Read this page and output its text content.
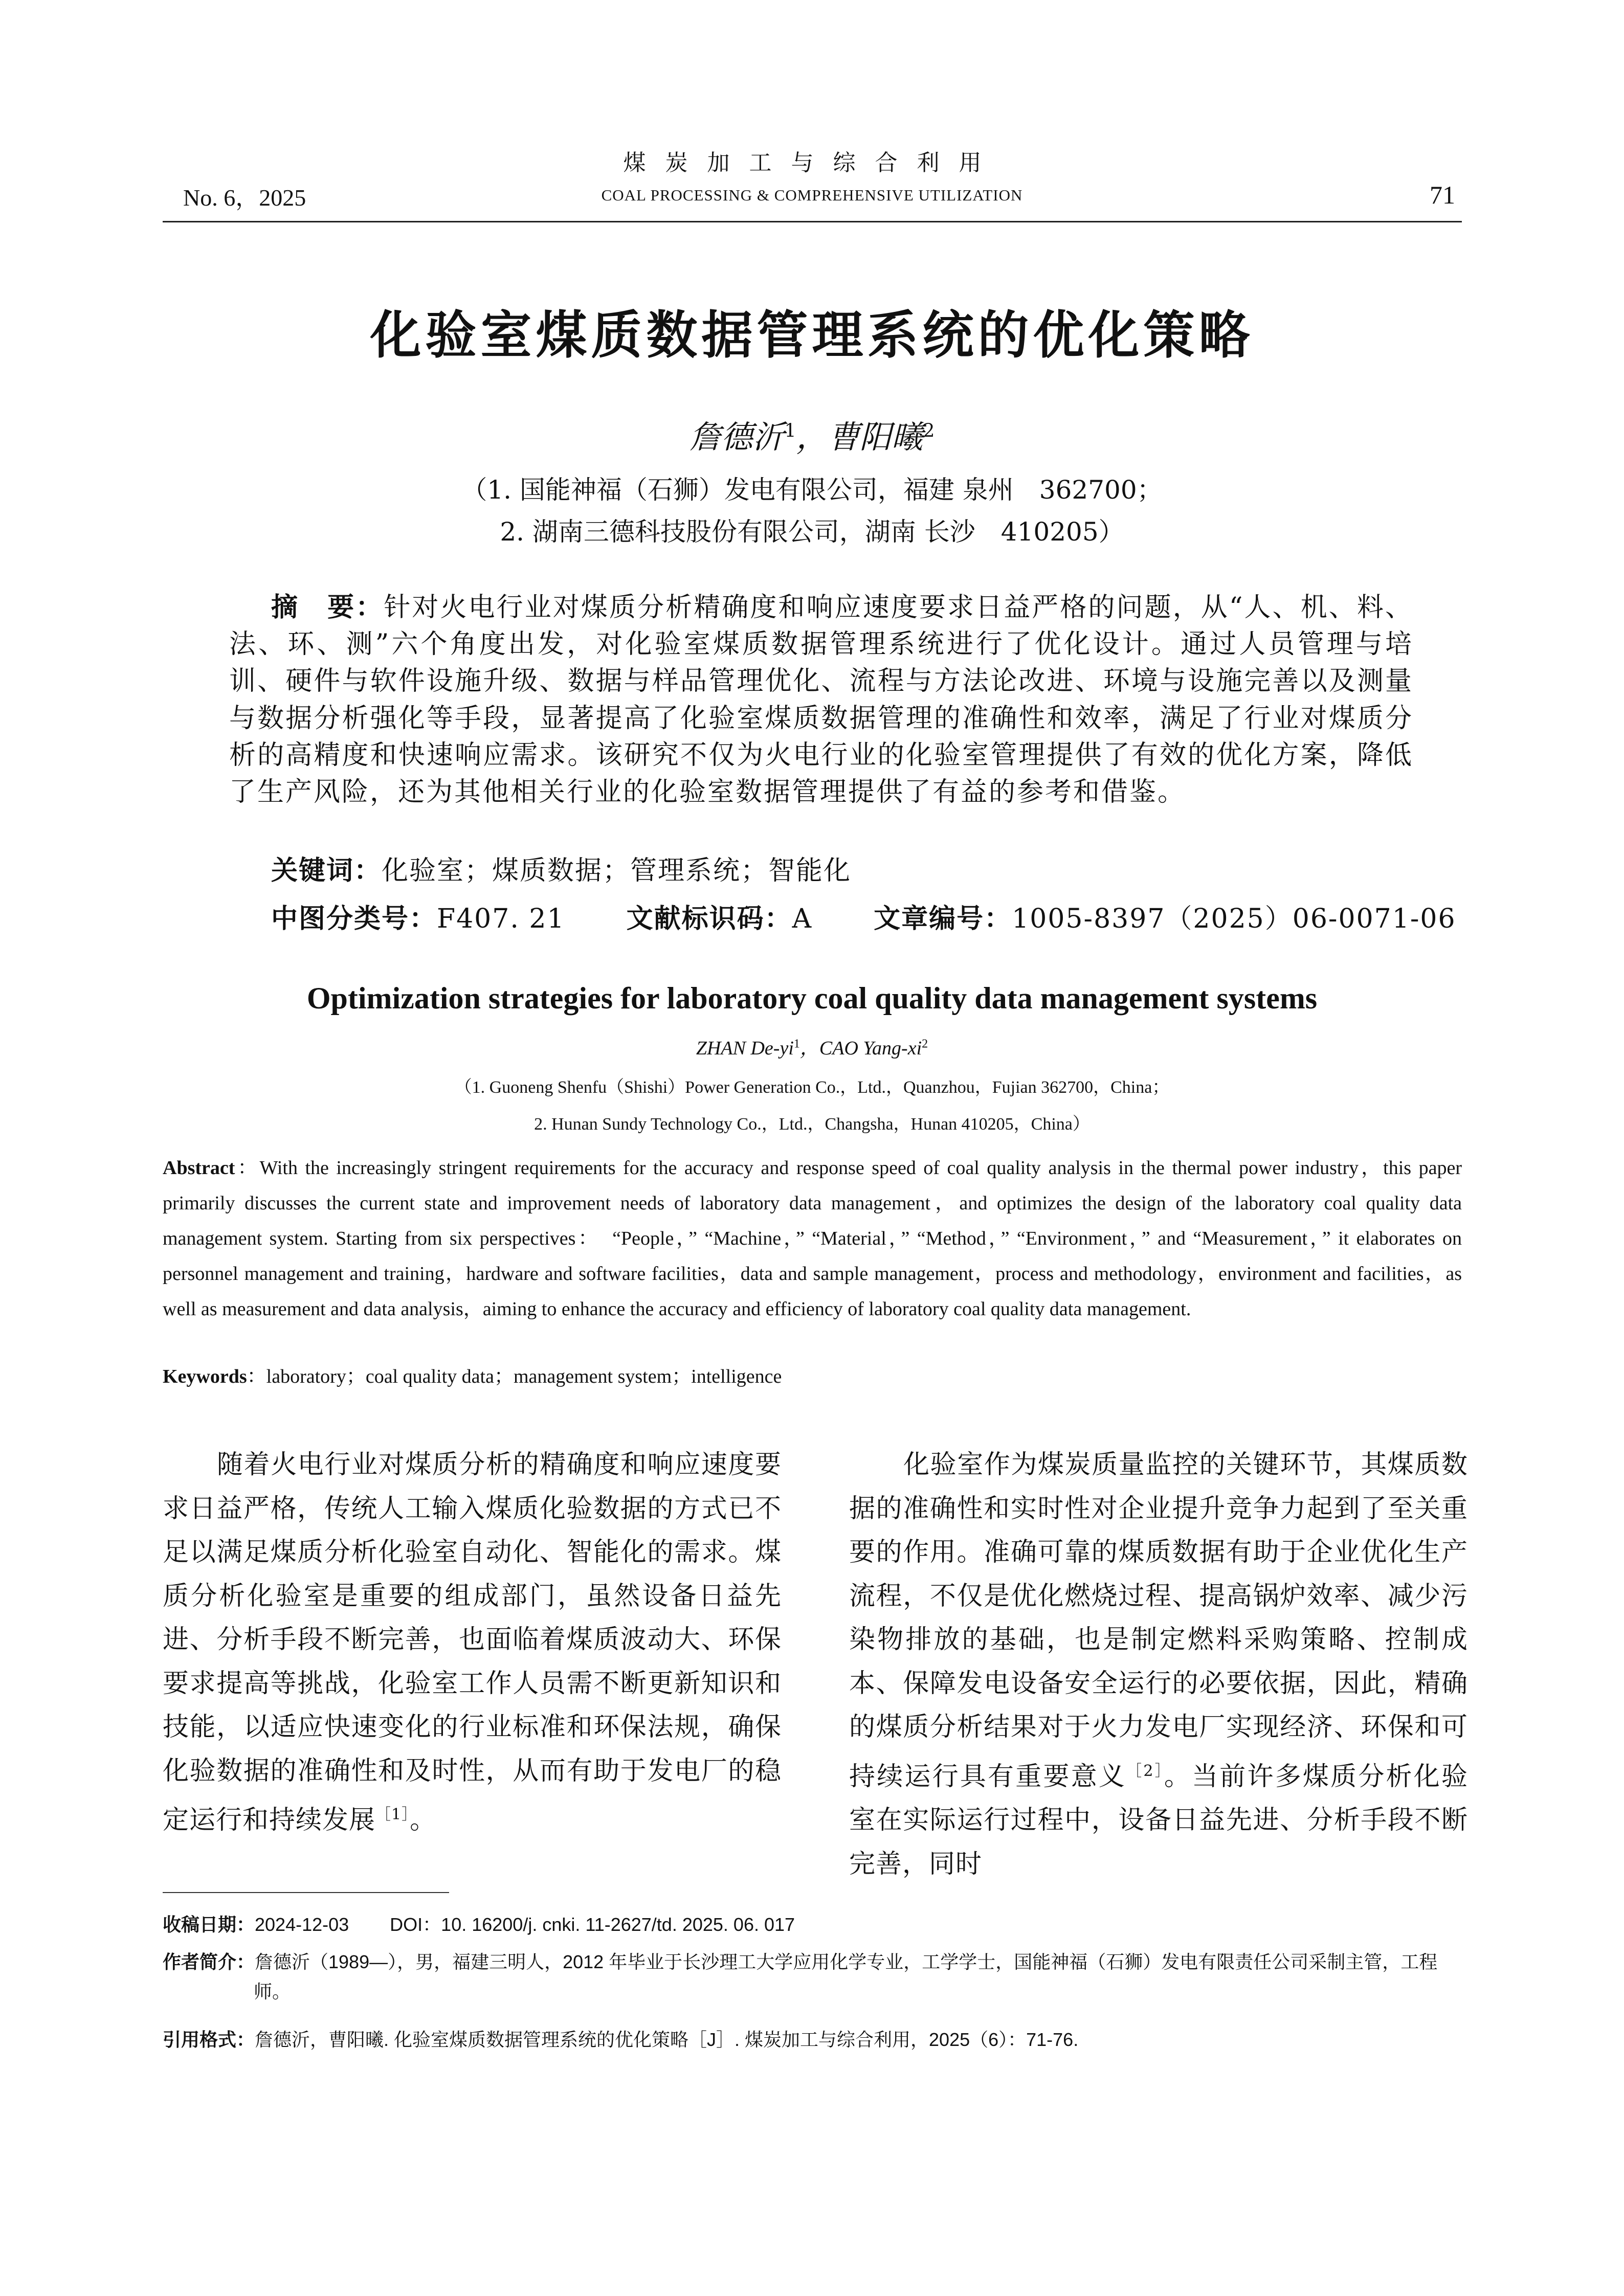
煤炭加工与综合利用
COAL PROCESSING & COMPREHENSIVE UTILIZATION
No. 6，2025	71
化验室煤质数据管理系统的优化策略
詹德沂$^1$，曹阳曦$^2$
（1. 国能神福（石狮）发电有限公司，福建 泉州　362700；
2. 湖南三德科技股份有限公司，湖南 长沙　410205）
摘　要：针对火电行业对煤质分析精确度和响应速度要求日益严格的问题，从“人、机、料、法、环、测”六个角度出发，对化验室煤质数据管理系统进行了优化设计。通过人员管理与培训、硬件与软件设施升级、数据与样品管理优化、流程与方法论改进、环境与设施完善以及测量与数据分析强化等手段，显著提高了化验室煤质数据管理的准确性和效率，满足了行业对煤质分析的高精度和快速响应需求。该研究不仅为火电行业的化验室管理提供了有效的优化方案，降低了生产风险，还为其他相关行业的化验室数据管理提供了有益的参考和借鉴。
关键词：化验室；煤质数据；管理系统；智能化
中图分类号：F407. 21 文献标识码：A 文章编号：1005-8397（2025）06-0071-06
Optimization strategies for laboratory coal quality data management systems
ZHAN $De-yi^1$，CAO Yang-$xi^2$
（1. Guoneng Shenfu（Shishi）Power Generation Co.，Ltd.，Quanzhou，Fujian 362700，China；
2. Hunan Sundy Technology Co.，Ltd.，Changsha，Hunan 410205，China）
Abstract：With the increasingly stringent requirements for the accuracy and response speed of coal quality analysis in the thermal power industry，this paper primarily discusses the current state and improvement needs of laboratory data management，and optimizes the design of the laboratory coal quality data management system. Starting from six perspectives：　“People，” “Machine，” “Material，” “Method，” “Environment，” and “Measurement，” it elaborates on personnel management and training，hardware and software facilities，data and sample management，process and methodology，environment and facilities，as well as measurement and data analysis，aiming to enhance the accuracy and efficiency of laboratory coal quality data management.
Keywords：laboratory；coal quality data；management system；intelligence
随着火电行业对煤质分析的精确度和响应速度要求日益严格，传统人工输入煤质化验数据的方式已不足以满足煤质分析化验室自动化、智能化的需求。煤质分析化验室是重要的组成部门，虽然设备日益先进、分析手段不断完善，也面临着煤质波动大、环保要求提高等挑战，化验室工作人员需不断更新知识和技能，以适应快速变化的行业标准和环保法规，确保化验数据的准确性和及时性，从而有助于发电厂的稳定运行和持续发展$^{[1]}$。
化验室作为煤炭质量监控的关键环节，其煤质数据的准确性和实时性对企业提升竞争力起到了至关重要的作用。准确可靠的煤质数据有助于企业优化生产流程，不仅是优化燃烧过程、提高锅炉效率、减少污染物排放的基础，也是制定燃料采购策略、控制成本、保障发电设备安全运行的必要依据，因此，精确的煤质分析结果对于火力发电厂实现经济、环保和可持续运行具有重要意义$^{[2]}$。当前许多煤质分析化验室在实际运行过程中，设备日益先进、分析手段不断完善，同时
收稿日期：2024-12-03 DOI：10. 16200/j. cnki. 11-2627/td. 2025. 06. 017
作者简介：詹德沂（1989—），男，福建三明人，2012 年毕业于长沙理工大学应用化学专业，工学学士，国能神福（石狮）发电有限责任公司采制主管，工程师。
引用格式：詹德沂，曹阳曦. 化验室煤质数据管理系统的优化策略［J］. 煤炭加工与综合利用，2025（6）：71-76.
